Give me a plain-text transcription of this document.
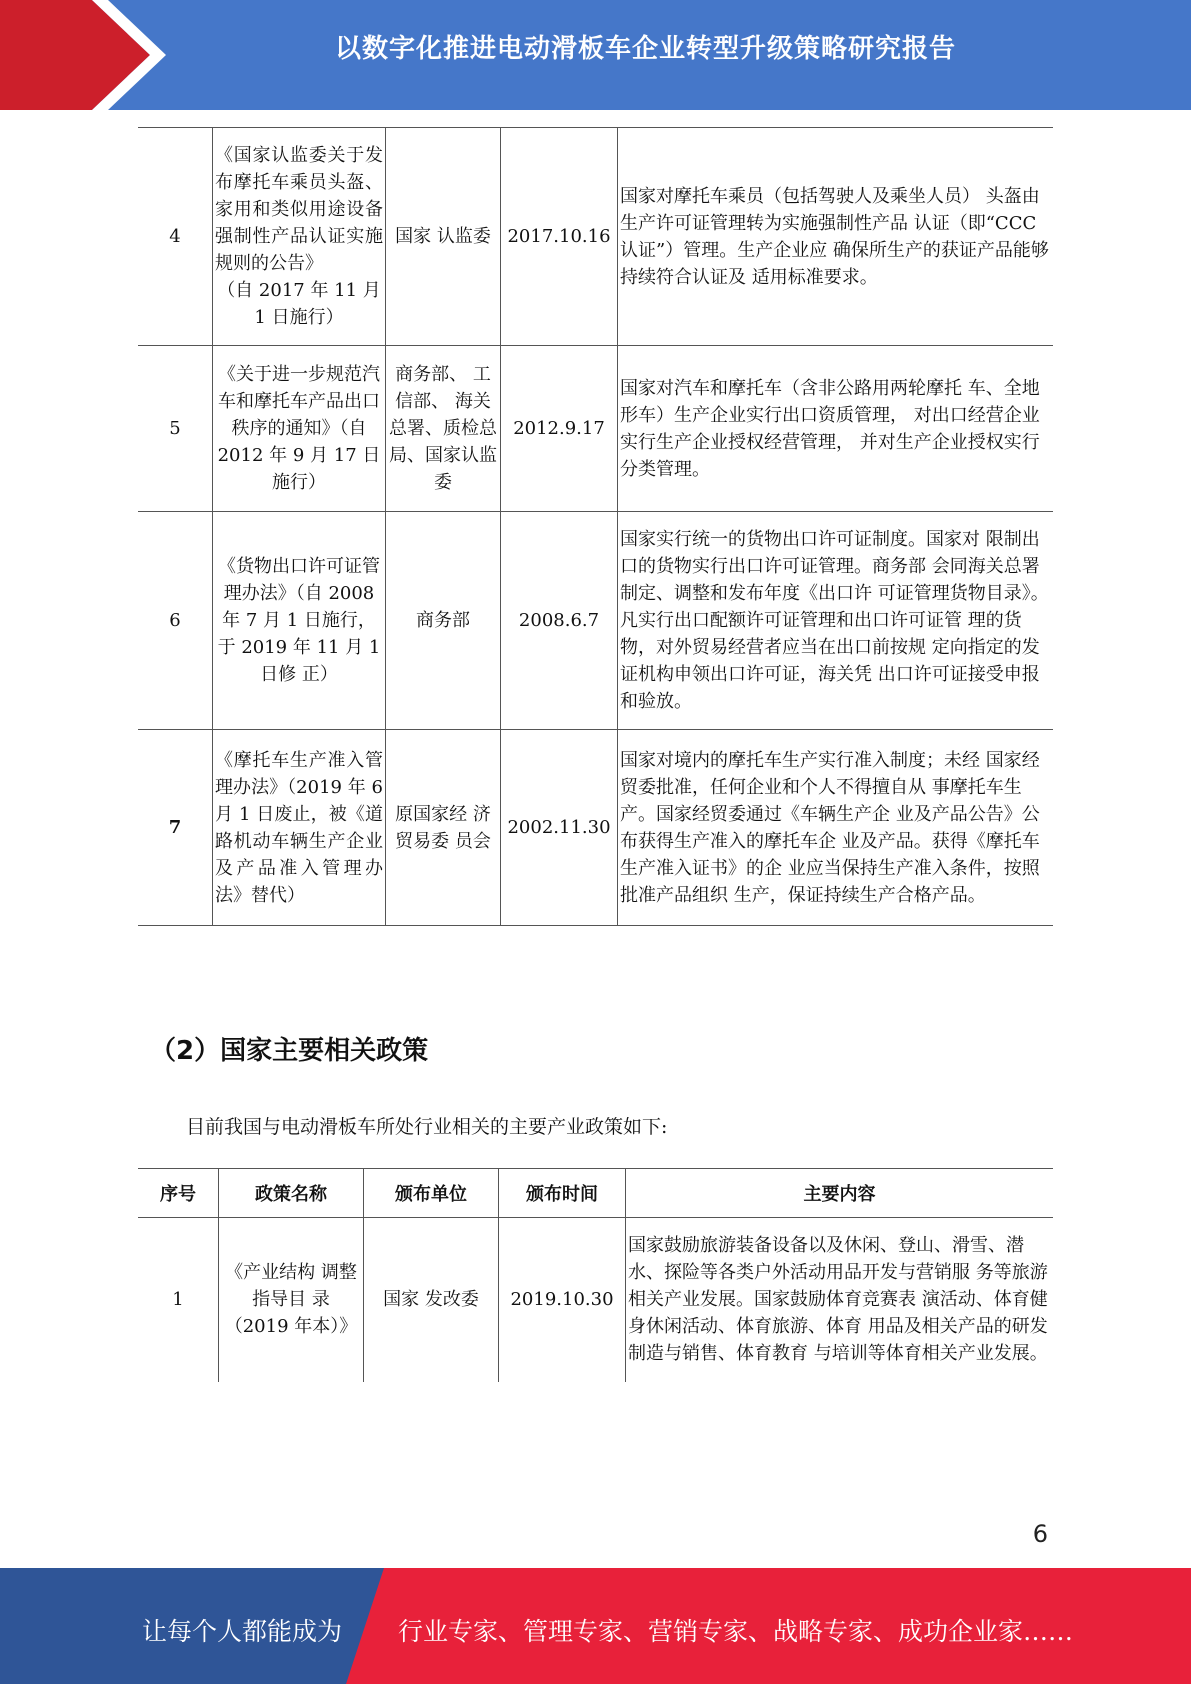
以数字化推进电动滑板车企业转型升级策略研究报告
4	《国家认监委关于发布摩托车乘员头盔、家用和类似用途设备强制性产品认证实施规则的公告》
（自 2017 年 11 月 1 日施行）	国家 认监委	2017.10.16	国家对摩托车乘员（包括驾驶人及乘坐人员） 头盔由生产许可证管理转为实施强制性产品 认证（即“CCC 认证”）管理。生产企业应 确保所生产的获证产品能够持续符合认证及 适用标准要求。
5	《关于进一步规范汽车和摩托车产品出口秩序的通知》（自 2012 年 9 月 17 日施行）	商务部、 工信部、 海关总署、质检总局、国家认监委	2012.9.17	国家对汽车和摩托车（含非公路用两轮摩托 车、全地形车）生产企业实行出口资质管理， 对出口经营企业实行生产企业授权经营管理， 并对生产企业授权实行分类管理。
6	《货物出口许可证管理办法》（自 2008 年 7 月 1 日施行，于 2019 年 11 月 1 日修 正）	商务部	2008.6.7	国家实行统一的货物出口许可证制度。国家对 限制出口的货物实行出口许可证管理。商务部 会同海关总署制定、调整和发布年度《出口许 可证管理货物目录》。
凡实行出口配额许可证管理和出口许可证管 理的货物，对外贸易经营者应当在出口前按规 定向指定的发证机构申领出口许可证，海关凭 出口许可证接受申报和验放。

7	《摩托车生产准入管理办法》（2019 年 6 月 1 日废止，被《道路机动车辆生产企业及产品准入管理办法》替代）	原国家经 济贸易委 员会	2002.11.30	国家对境内的摩托车生产实行准入制度；未经 国家经贸委批准，任何企业和个人不得擅自从 事摩托车生产。国家经贸委通过《车辆生产企 业及产品公告》公布获得生产准入的摩托车企 业及产品。获得《摩托车生产准入证书》的企 业应当保持生产准入条件，按照批准产品组织 生产，保证持续生产合格产品。
（2）国家主要相关政策
目前我国与电动滑板车所处行业相关的主要产业政策如下:
序号	政策名称	颁布单位	颁布时间	主要内容
1	《产业结构 调整指导目 录（2019 年本）》	国家 发改委	2019.10.30	国家鼓励旅游装备设备以及休闲、登山、滑雪、潜水、探险等各类户外活动用品开发与营销服 务等旅游相关产业发展。国家鼓励体育竞赛表 演活动、体育健身休闲活动、体育旅游、体育 用品及相关产品的研发制造与销售、体育教育 与培训等体育相关产业发展。
6
让每个人都能成为 行业专家、管理专家、营销专家、战略专家、成功企业家……
